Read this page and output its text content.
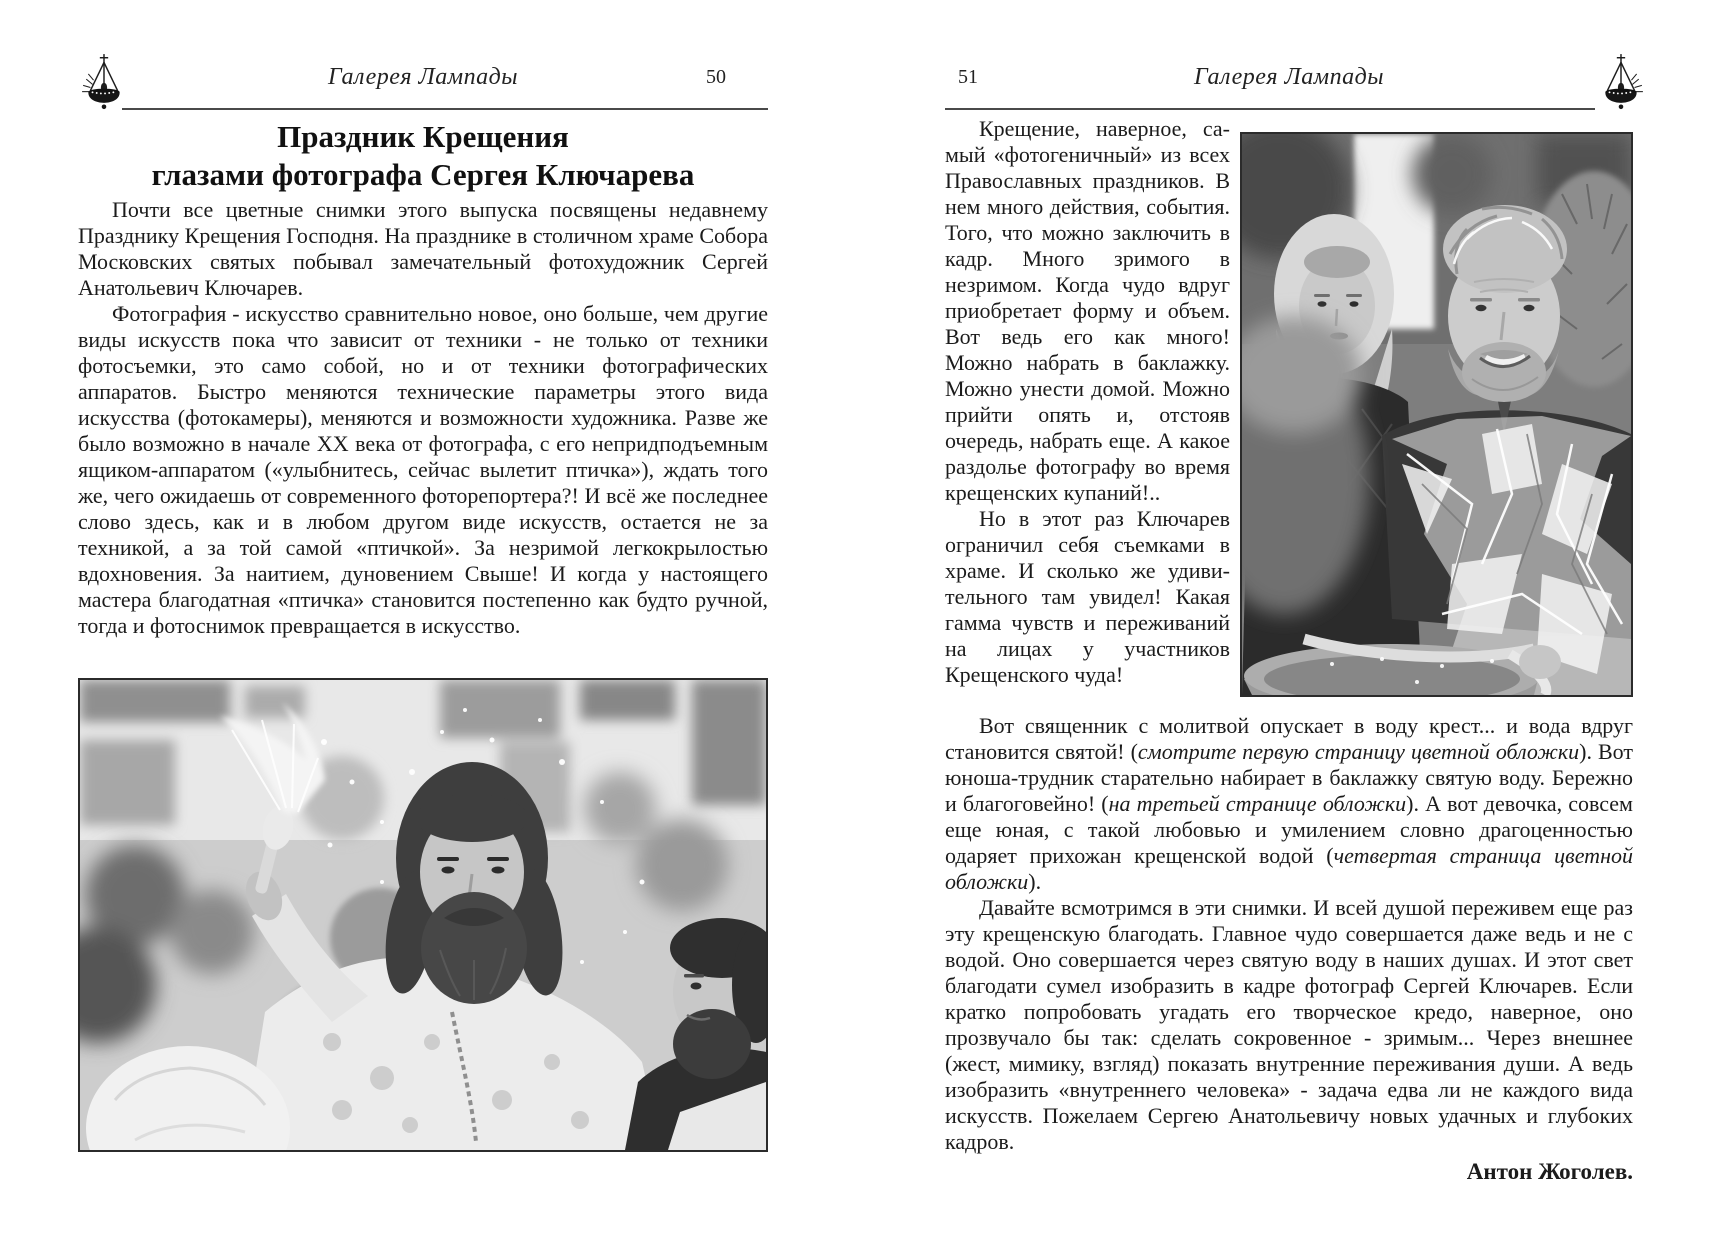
Галерея Лампады	50
Праздник Крещения
глазами фотографа Сергея Ключарева

Почти все цветные снимки этого выпуска посвящены недавнему Празднику Крещения Господня. На празднике в столичном храме Собора Московских святых побывал замечательный фотохудожник Сергей Анатольевич Ключарев.

Фотография - искусство сравнительно новое, оно больше, чем другие виды искусств пока что зависит от техники - не только от техники фотосъемки, это само собой, но и от техники фотографических аппаратов. Быстро меняются технические параметры этого вида искусства (фотокамеры), меняются и возможности художника. Разве же было возможно в начале XX века от фотографа, с его непридподъемным ящиком-аппаратом («улыбнитесь, сейчас вылетит птичка»), ждать того же, чего ожидаешь от современного фоторепортера?! И всё же последнее слово здесь, как и в любом другом виде искусств, остается не за техникой, а за той самой «птичкой». За незримой легкокрылостью вдохновения. За наитием, дуновением Свыше! И когда у настоящего мастера благодатная «птичка» становится постепенно как будто ручной, тогда и фотоснимок превращается в искусство.

51	Галерея Лампады

Крещение, наверное, самый «фотогеничный» из всех Православных праздников. В нем много действия, события. Того, что можно заключить в кадр. Много зримого в незримом. Когда чудо вдруг приобретает форму и объем. Вот ведь его как много! Можно набрать в баклажку. Можно унести домой. Можно прийти опять и, отстояв очередь, набрать еще. А какое раздолье фотографу во время крещенских купаний!..

Но в этот раз Ключарев ограничил себя съемками в храме. И сколько же удивительного там увидел! Какая гамма чувств и переживаний на лицах у участников Крещенского чуда!

Вот священник с молитвой опускает в воду крест... и вода вдруг становится святой! (смотрите первую страницу цветной обложки). Вот юноша-трудник старательно набирает в баклажку святую воду. Бережно и благоговейно! (на третьей странице обложки). А вот девочка, совсем еще юная, с такой любовью и умилением словно драгоценностью одаряет прихожан крещенской водой (четвертая страница цветной обложки).

Давайте всмотримся в эти снимки. И всей душой переживем еще раз эту крещенскую благодать. Главное чудо совершается даже ведь и не с водой. Оно совершается через святую воду в наших душах. И этот свет благодати сумел изобразить в кадре фотограф Сергей Ключарев. Если кратко попробовать угадать его творческое кредо, наверное, оно прозвучало бы так: сделать сокровенное - зримым... Через внешнее (жест, мимику, взгляд) показать внутренние переживания души. А ведь изобразить «внутреннего человека» - задача едва ли не каждого вида искусств. Пожелаем Сергею Анатольевичу новых удачных и глубоких кадров.

Антон Жоголев.
